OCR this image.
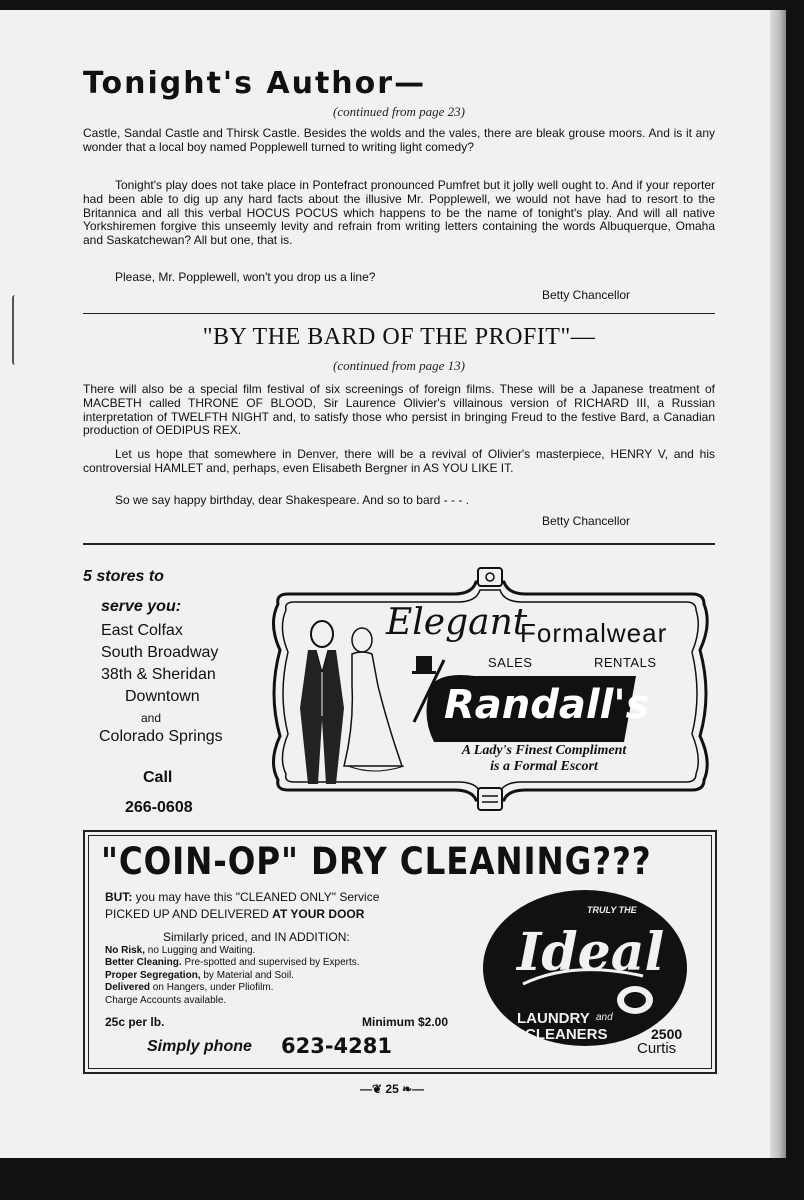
Tonight's Author—
(continued from page 23)
Castle, Sandal Castle and Thirsk Castle. Besides the wolds and the vales, there are bleak grouse moors. And is it any wonder that a local boy named Popplewell turned to writing light comedy?
Tonight's play does not take place in Pontefract pronounced Pumfret but it jolly well ought to. And if your reporter had been able to dig up any hard facts about the illusive Mr. Popplewell, we would not have had to resort to the Britannica and all this verbal HOCUS POCUS which happens to be the name of tonight's play. And will all native Yorkshiremen forgive this unseemly levity and refrain from writing letters containing the words Albuquerque, Omaha and Saskatchewan? All but one, that is.
Please, Mr. Popplewell, won't you drop us a line?
Betty Chancellor
"BY THE BARD OF THE PROFIT"—
(continued from page 13)
There will also be a special film festival of six screenings of foreign films. These will be a Japanese treatment of MACBETH called THRONE OF BLOOD, Sir Laurence Olivier's villainous version of RICHARD III, a Russian interpretation of TWELFTH NIGHT and, to satisfy those who persist in bringing Freud to the festive Bard, a Canadian production of OEDIPUS REX.
Let us hope that somewhere in Denver, there will be a revival of Olivier's masterpiece, HENRY V, and his controversial HAMLET and, perhaps, even Elisabeth Bergner in AS YOU LIKE IT.
So we say happy birthday, dear Shakespeare. And so to bard - - - .
Betty Chancellor
5 stores to
serve you:
East Colfax
South Broadway
38th & Sheridan
Downtown
and
Colorado Springs
Call
266-0608
Elegant
Formalwear
SALES	RENTALS
Randall's
A Lady's Finest Compliment
is a Formal Escort
"COIN-OP" DRY CLEANING???
BUT: you may have this "CLEANED ONLY" Service
PICKED UP AND DELIVERED AT YOUR DOOR
Similarly priced, and IN ADDITION:
No Risk, no Lugging and Waiting.
Better Cleaning. Pre-spotted and supervised by Experts.
Proper Segregation, by Material and Soil.
Delivered on Hangers, under Pliofilm.
Charge Accounts available.
25c per lb.	Minimum $2.00
Simply phone 623-4281
TRULY THE
Ideal
LAUNDRY and
CLEANERS	2500
Curtis
—❦ 25 ❧—
